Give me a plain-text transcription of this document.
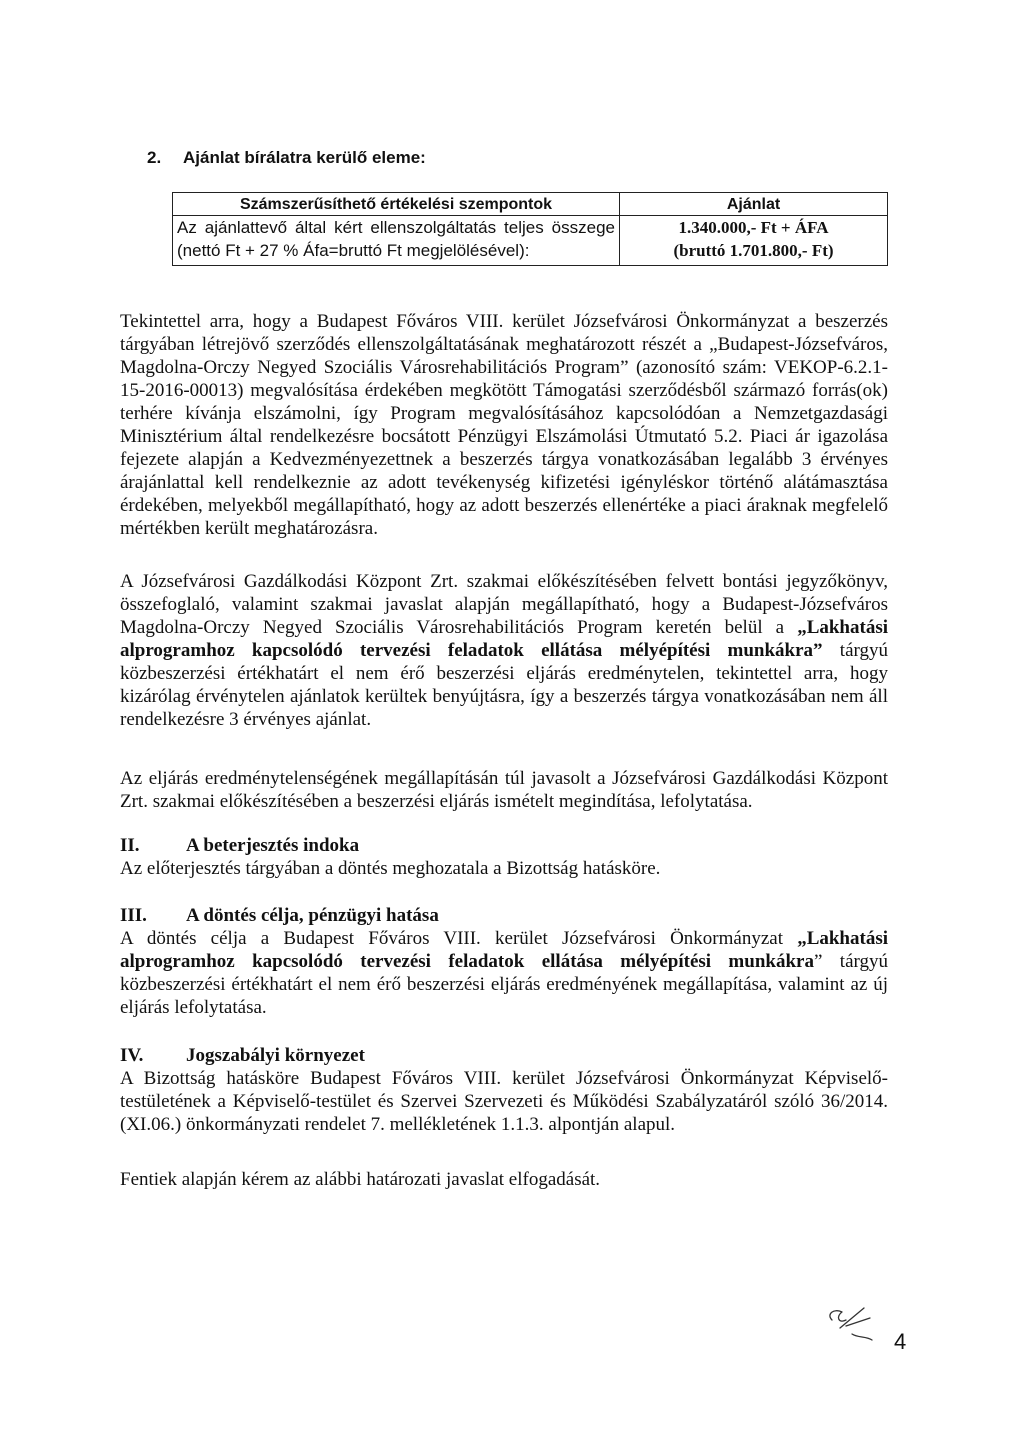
2. Ajánlat bírálatra kerülő eleme:
Számszerűsíthető értékelési szempontok	Ajánlat
Az ajánlattevő által kért ellenszolgáltatás teljes összege (nettó Ft + 27 % Áfa=bruttó Ft megjelölésével):	1.340.000,- Ft + ÁFA
(bruttó 1.701.800,- Ft)
Tekintettel arra, hogy a Budapest Főváros VIII. kerület Józsefvárosi Önkormányzat a beszerzés tárgyában létrejövő szerződés ellenszolgáltatásának meghatározott részét a „Budapest-Józsefváros, Magdolna-Orczy Negyed Szociális Városrehabilitációs Program” (azonosító szám: VEKOP-6.2.1-15-2016-00013) megvalósítása érdekében megkötött Támogatási szerződésből származó forrás(ok) terhére kívánja elszámolni, így Program megvalósításához kapcsolódóan a Nemzetgazdasági Minisztérium által rendelkezésre bocsátott Pénzügyi Elszámolási Útmutató 5.2. Piaci ár igazolása fejezete alapján a Kedvezményezettnek a beszerzés tárgya vonatkozásában legalább 3 érvényes árajánlattal kell rendelkeznie az adott tevékenység kifizetési igényléskor történő alátámasztása érdekében, melyekből megállapítható, hogy az adott beszerzés ellenértéke a piaci áraknak megfelelő mértékben került meghatározásra.
A Józsefvárosi Gazdálkodási Központ Zrt. szakmai előkészítésében felvett bontási jegyzőkönyv, összefoglaló, valamint szakmai javaslat alapján megállapítható, hogy a Budapest-Józsefváros Magdolna-Orczy Negyed Szociális Városrehabilitációs Program keretén belül a „Lakhatási alprogramhoz kapcsolódó tervezési feladatok ellátása mélyépítési munkákra” tárgyú közbeszerzési értékhatárt el nem érő beszerzési eljárás eredménytelen, tekintettel arra, hogy kizárólag érvénytelen ajánlatok kerültek benyújtásra, így a beszerzés tárgya vonatkozásában nem áll rendelkezésre 3 érvényes ajánlat.
Az eljárás eredménytelenségének megállapításán túl javasolt a Józsefvárosi Gazdálkodási Központ Zrt. szakmai előkészítésében a beszerzési eljárás ismételt megindítása, lefolytatása.
II. A beterjesztés indoka
Az előterjesztés tárgyában a döntés meghozatala a Bizottság hatásköre.
III. A döntés célja, pénzügyi hatása
A döntés célja a Budapest Főváros VIII. kerület Józsefvárosi Önkormányzat „Lakhatási alprogramhoz kapcsolódó tervezési feladatok ellátása mélyépítési munkákra” tárgyú közbeszerzési értékhatárt el nem érő beszerzési eljárás eredményének megállapítása, valamint az új eljárás lefolytatása.
IV. Jogszabályi környezet
A Bizottság hatásköre Budapest Főváros VIII. kerület Józsefvárosi Önkormányzat Képviselő-testületének a Képviselő-testület és Szervei Szervezeti és Működési Szabályzatáról szóló 36/2014. (XI.06.) önkormányzati rendelet 7. mellékletének 1.1.3. alpontján alapul.
Fentiek alapján kérem az alábbi határozati javaslat elfogadását.
4
